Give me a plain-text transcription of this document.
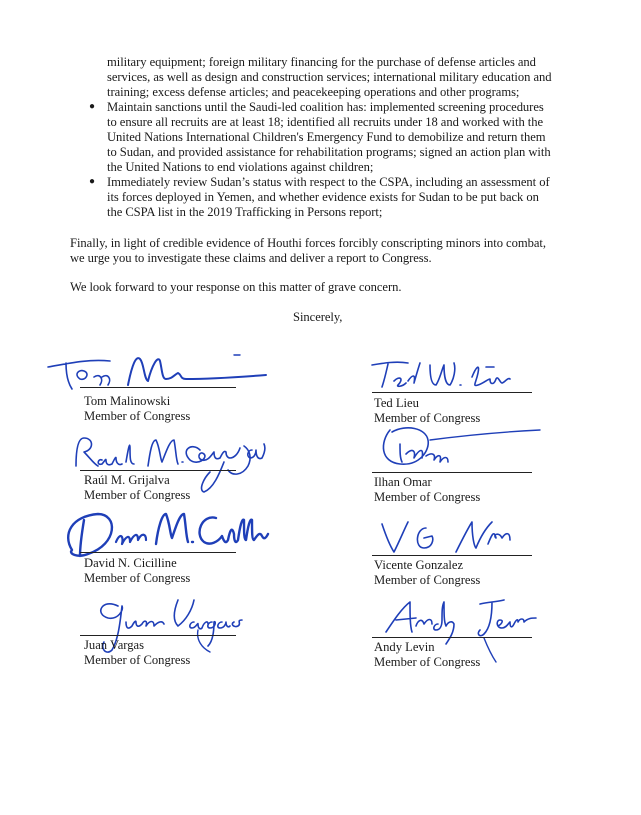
military equipment; foreign military financing for the purchase of defense articles and
services, as well as design and construction services; international military education and
training; excess defense articles; and peacekeeping operations and other programs;
● Maintain sanctions until the Saudi-led coalition has: implemented screening procedures
to ensure all recruits are at least 18; identified all recruits under 18 and worked with the
United Nations International Children's Emergency Fund to demobilize and return them
to Sudan, and provided assistance for rehabilitation programs; signed an action plan with
the United Nations to end violations against children;
● Immediately review Sudan’s status with respect to the CSPA, including an assessment of
its forces deployed in Yemen, and whether evidence exists for Sudan to be put back on
the CSPA list in the 2019 Trafficking in Persons report;
Finally, in light of credible evidence of Houthi forces forcibly conscripting minors into combat,
we urge you to investigate these claims and deliver a report to Congress.
We look forward to your response on this matter of grave concern.
Sincerely,
Tom Malinowski
Member of Congress
Ted Lieu
Member of Congress
Raúl M. Grijalva
Member of Congress
Ilhan Omar
Member of Congress
David N. Cicilline
Member of Congress
Vicente Gonzalez
Member of Congress
Juan Vargas
Member of Congress
Andy Levin
Member of Congress
